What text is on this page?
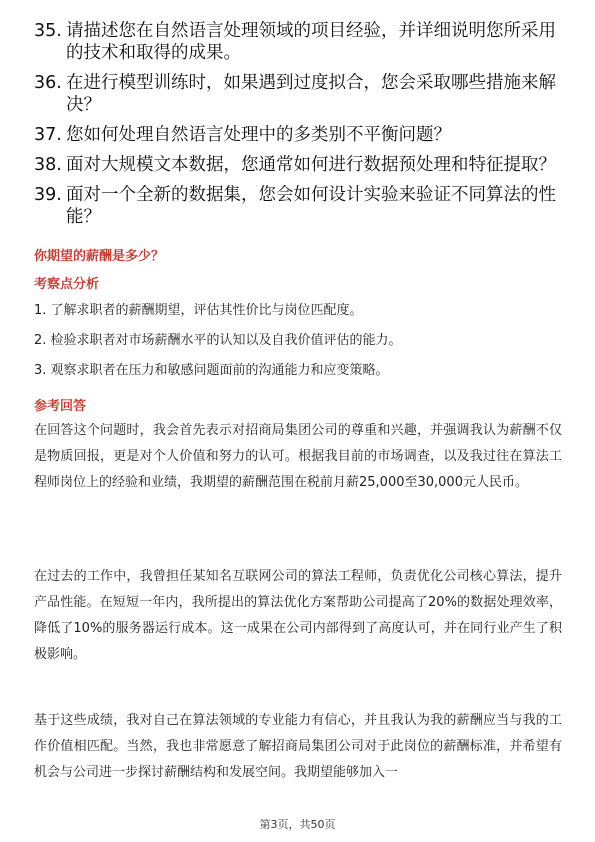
35. 请描述您在自然语言处理领域的项目经验，并详细说明您所采用的技术和取得的成果。
36. 在进行模型训练时，如果遇到过度拟合，您会采取哪些措施来解决？
37. 您如何处理自然语言处理中的多类别不平衡问题？
38. 面对大规模文本数据，您通常如何进行数据预处理和特征提取？
39. 面对一个全新的数据集，您会如何设计实验来验证不同算法的性能？
你期望的薪酬是多少？
考察点分析
1. 了解求职者的薪酬期望，评估其性价比与岗位匹配度。
2. 检验求职者对市场薪酬水平的认知以及自我价值评估的能力。
3. 观察求职者在压力和敏感问题面前的沟通能力和应变策略。
参考回答

在回答这个问题时，我会首先表示对招商局集团公司的尊重和兴趣，并强调我认为薪酬不仅是物质回报，更是对个人价值和努力的认可。根据我目前的市场调查，以及我过往在算法工程师岗位上的经验和业绩，我期望的薪酬范围在税前月薪25,000至30,000元人民币。

在过去的工作中，我曾担任某知名互联网公司的算法工程师，负责优化公司核心算法，提升产品性能。在短短一年内，我所提出的算法优化方案帮助公司提高了20%的数据处理效率，降低了10%的服务器运行成本。这一成果在公司内部得到了高度认可，并在同行业产生了积极影响。

基于这些成绩，我对自己在算法领域的专业能力有信心，并且我认为我的薪酬应当与我的工作价值相匹配。当然，我也非常愿意了解招商局集团公司对于此岗位的薪酬标准，并希望有机会与公司进一步探讨薪酬结构和发展空间。我期望能够加入一

第3页，共50页
